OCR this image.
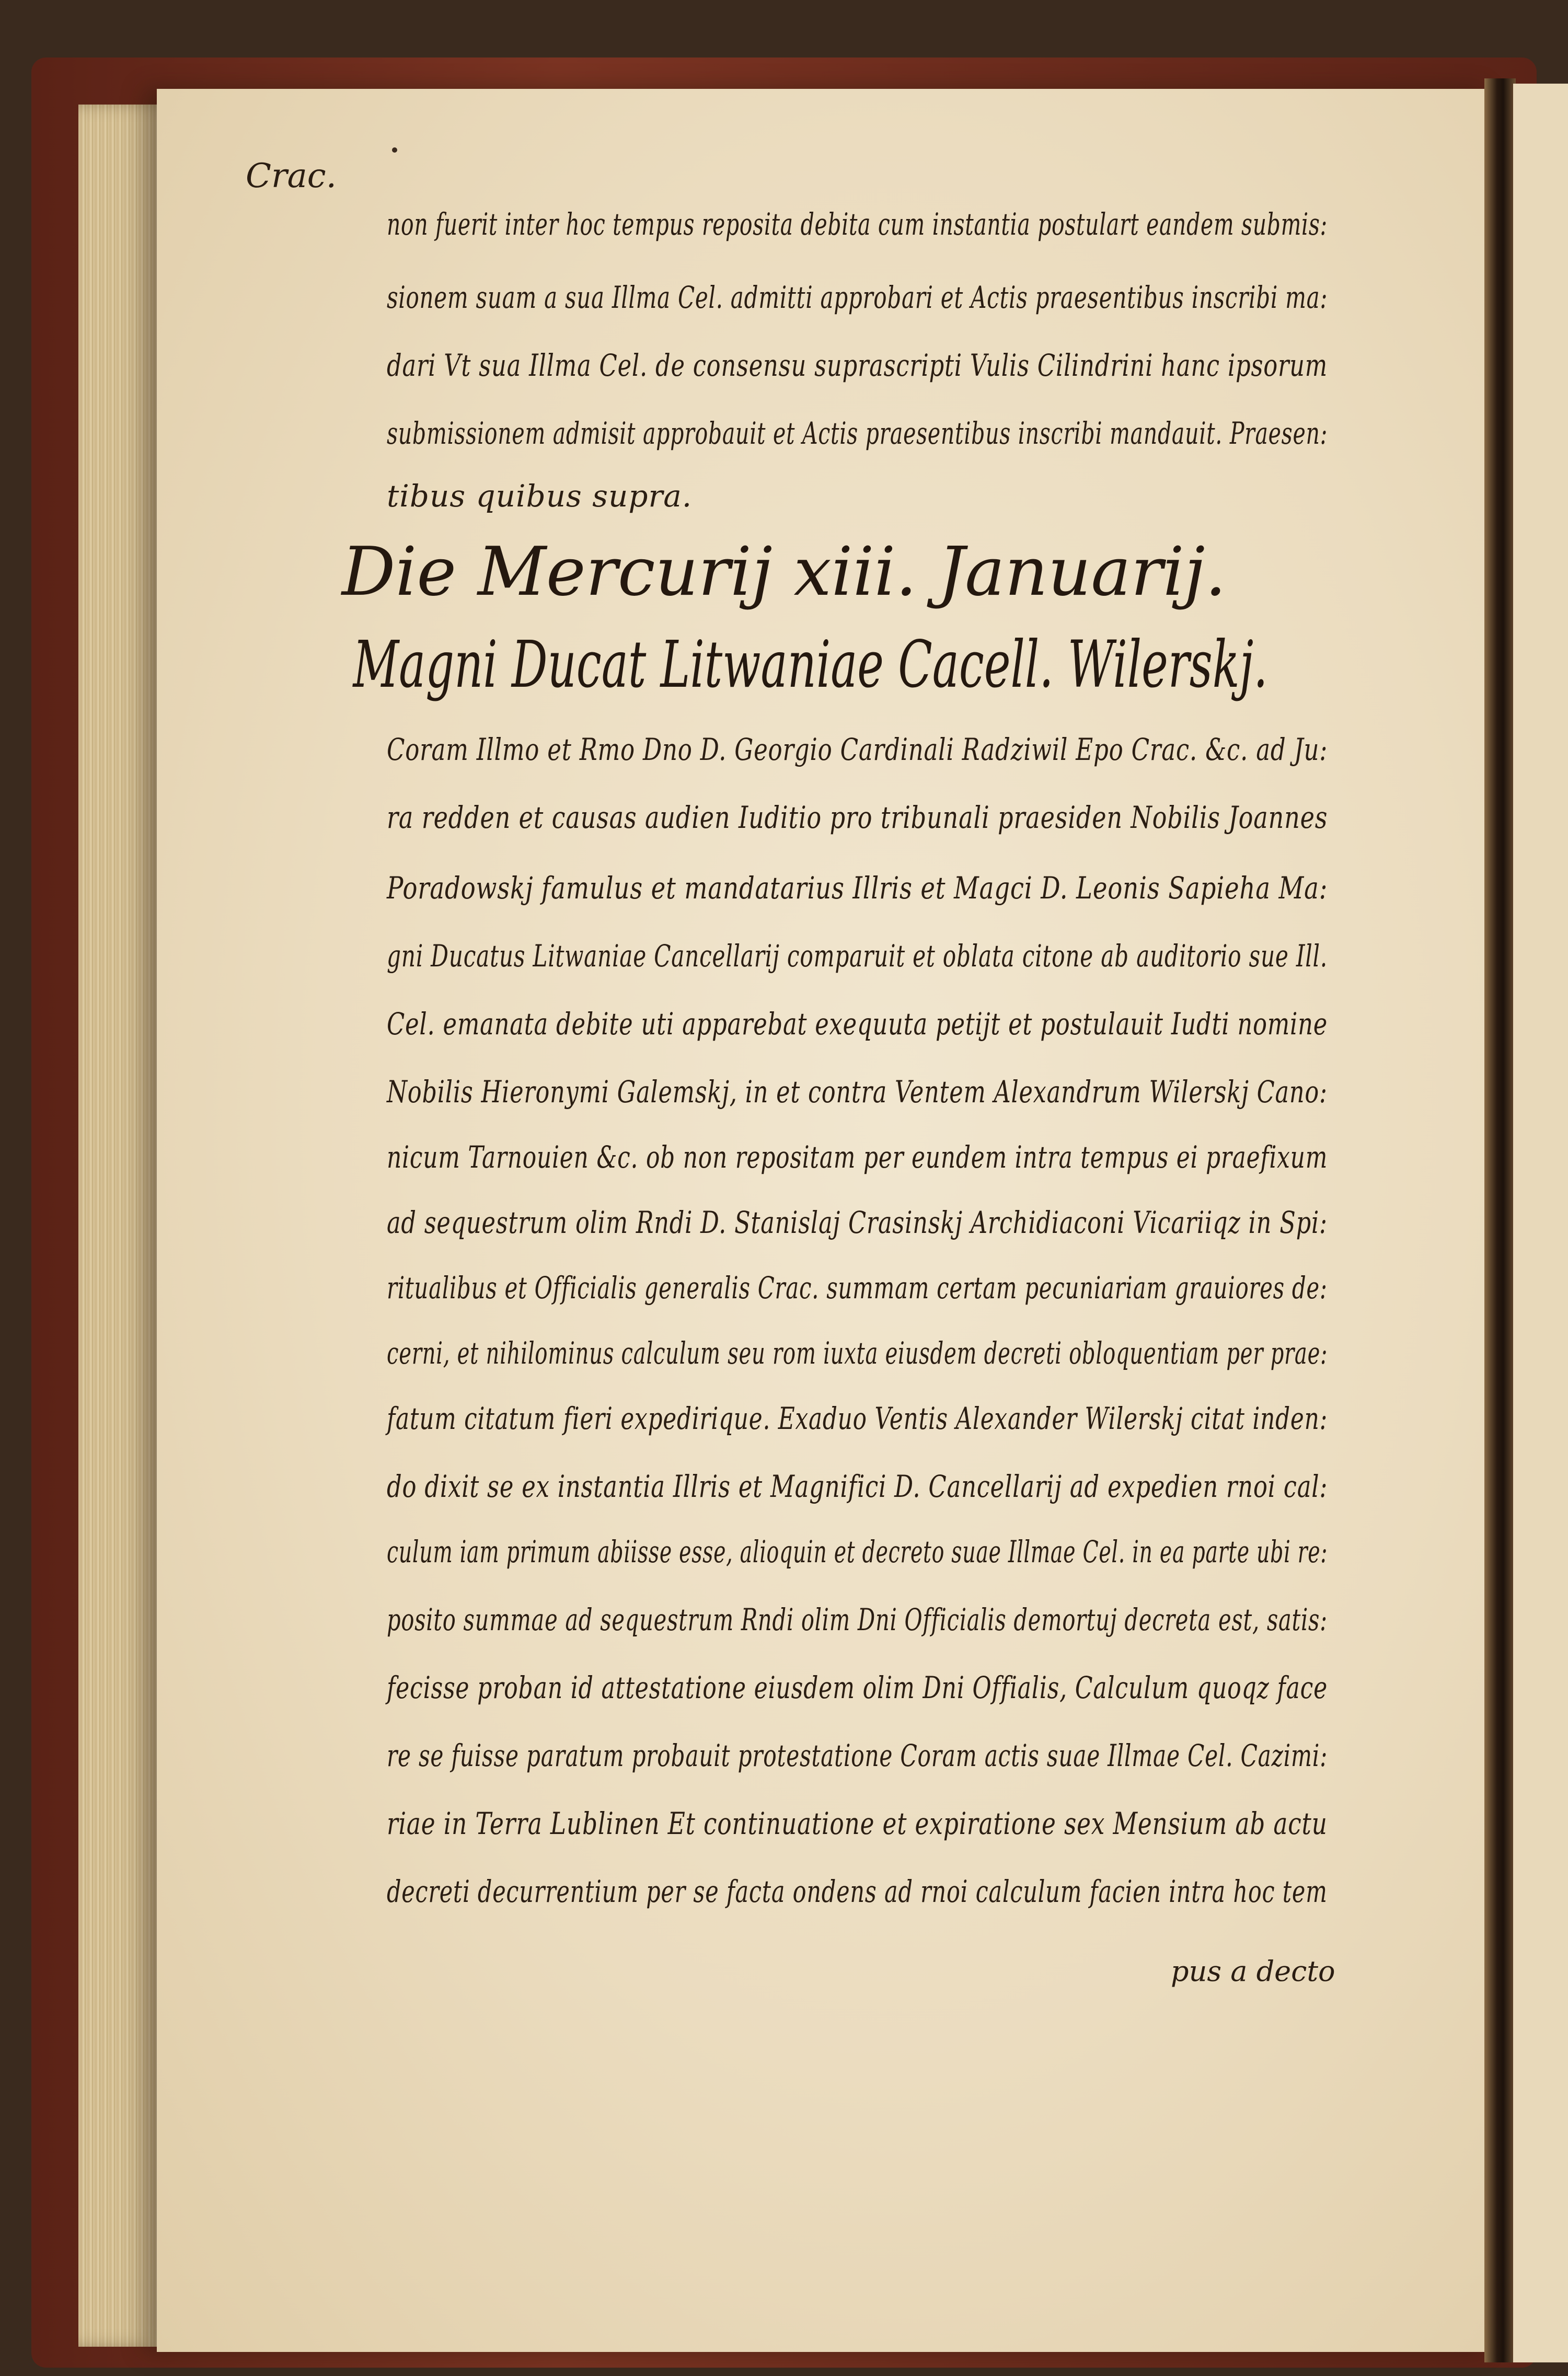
Crac.
non fuerit inter hoc tempus reposita debita cum instantia postulart eandem submis:
sionem suam a sua Illma Cel. admitti approbari et Actis praesentibus inscribi ma:
dari Vt sua Illma Cel. de consensu suprascripti Vulis Cilindrini hanc ipsorum
submissionem admisit approbauit et Actis praesentibus inscribi mandauit. Praesen:
tibus quibus supra.
Die Mercurij xiii. Januarij.
Magni Ducat Litwaniae Cacell. Wilerskj.
Coram Illmo et Rmo Dno D. Georgio Cardinali Radziwil Epo Crac. &c. ad Ju:
ra redden et causas audien Iuditio pro tribunali praesiden Nobilis Joannes
Poradowskj famulus et mandatarius Illris et Magci D. Leonis Sapieha Ma:
gni Ducatus Litwaniae Cancellarij comparuit et oblata citone ab auditorio sue Ill.
Cel. emanata debite uti apparebat exequuta petijt et postulauit Iudti nomine
Nobilis Hieronymi Galemskj, in et contra Ventem Alexandrum Wilerskj Cano:
nicum Tarnouien &c. ob non repositam per eundem intra tempus ei praefixum
ad sequestrum olim Rndi D. Stanislaj Crasinskj Archidiaconi Vicariiqz in Spi:
ritualibus et Officialis generalis Crac. summam certam pecuniariam grauiores de:
cerni, et nihilominus calculum seu rom iuxta eiusdem decreti obloquentiam per prae:
fatum citatum fieri expedirique. Exaduo Ventis Alexander Wilerskj citat inden:
do dixit se ex instantia Illris et Magnifici D. Cancellarij ad expedien rnoi cal:
culum iam primum abiisse esse, alioquin et decreto suae Illmae Cel. in ea parte ubi re:
posito summae ad sequestrum Rndi olim Dni Officialis demortuj decreta est, satis:
fecisse proban id attestatione eiusdem olim Dni Offialis, Calculum quoqz face
re se fuisse paratum probauit protestatione Coram actis suae Illmae Cel. Cazimi:
riae in Terra Lublinen Et continuatione et expiratione sex Mensium ab actu
decreti decurrentium per se facta ondens ad rnoi calculum facien intra hoc tem
pus a decto
